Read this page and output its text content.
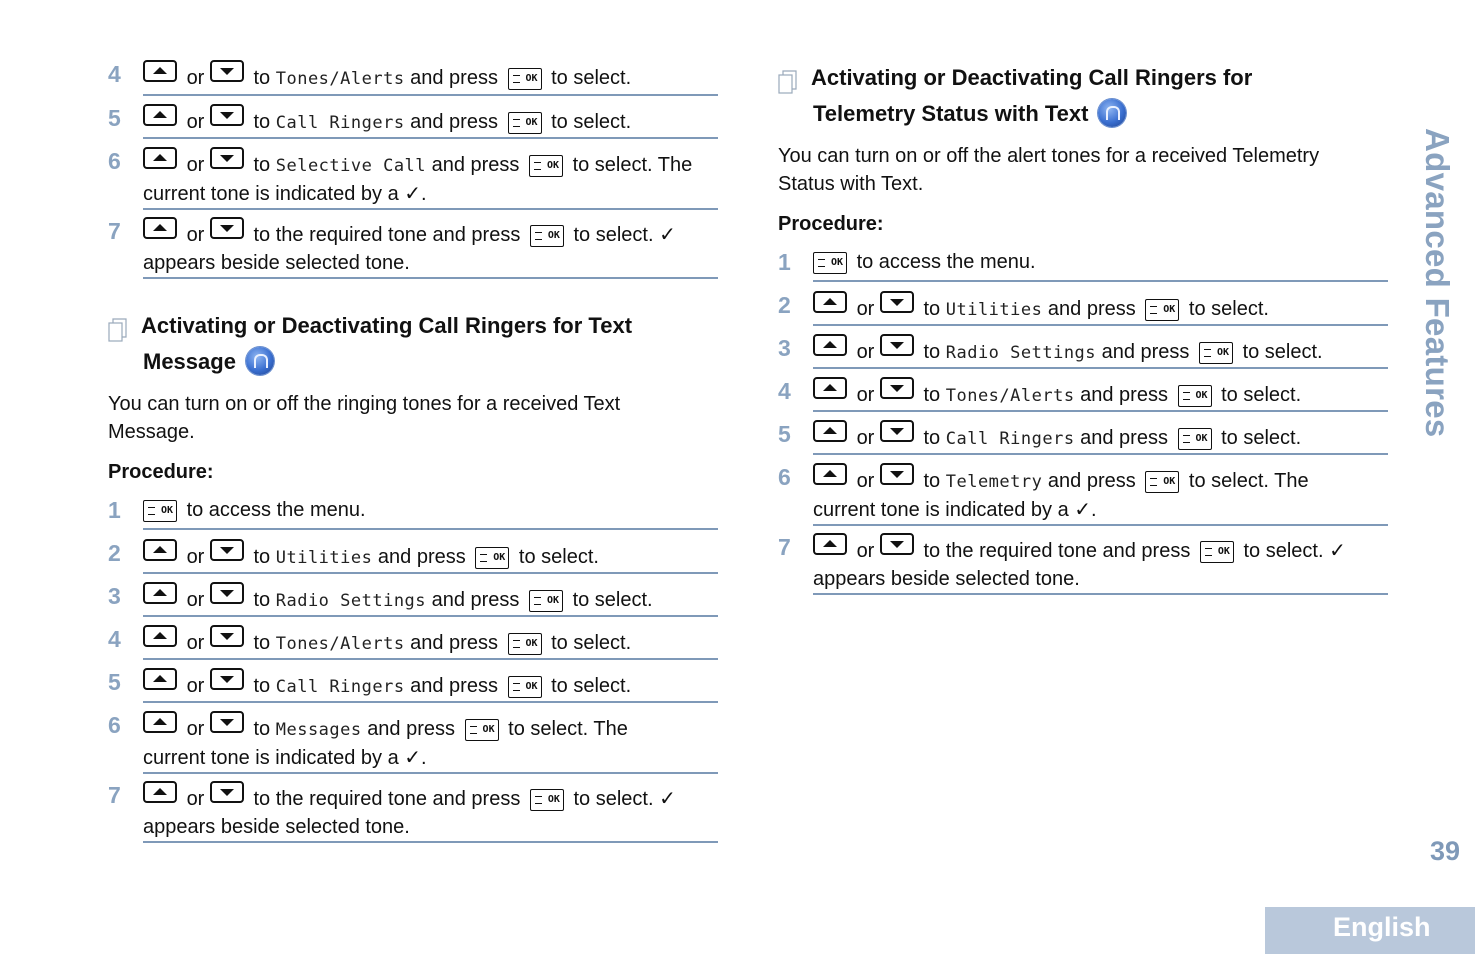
4	or to Tones/Alerts and press	OK to select.
5	or to Call Ringers and press	OK to select.
6	or to Selective Call and press	OK to select. The
current tone is indicated by a ✓.
7	or to the required tone and press	OK to select. ✓
appears beside selected tone.
Activating or Deactivating Call Ringers for Text
Message
You can turn on or off the ringing tones for a received Text
Message.
Procedure:
1	OK to access the menu.
2	or to Utilities and press	OK to select.
3	or to Radio Settings and press	OK to select.
4	or to Tones/Alerts and press	OK to select.
5	or to Call Ringers and press	OK to select.
6	or to Messages and press	OK to select. The
current tone is indicated by a ✓.
7	or to the required tone and press	OK to select. ✓
appears beside selected tone.
Activating or Deactivating Call Ringers for
Telemetry Status with Text
You can turn on or off the alert tones for a received Telemetry
Status with Text.
Procedure:
1	OK to access the menu.
2	or to Utilities and press	OK to select.
3	or to Radio Settings and press	OK to select.
4	or to Tones/Alerts and press	OK to select.
5	or to Call Ringers and press	OK to select.
6	or to Telemetry and press	OK to select. The
current tone is indicated by a ✓.
7	or to the required tone and press	OK to select. ✓
appears beside selected tone.
Advanced Features
39
English
